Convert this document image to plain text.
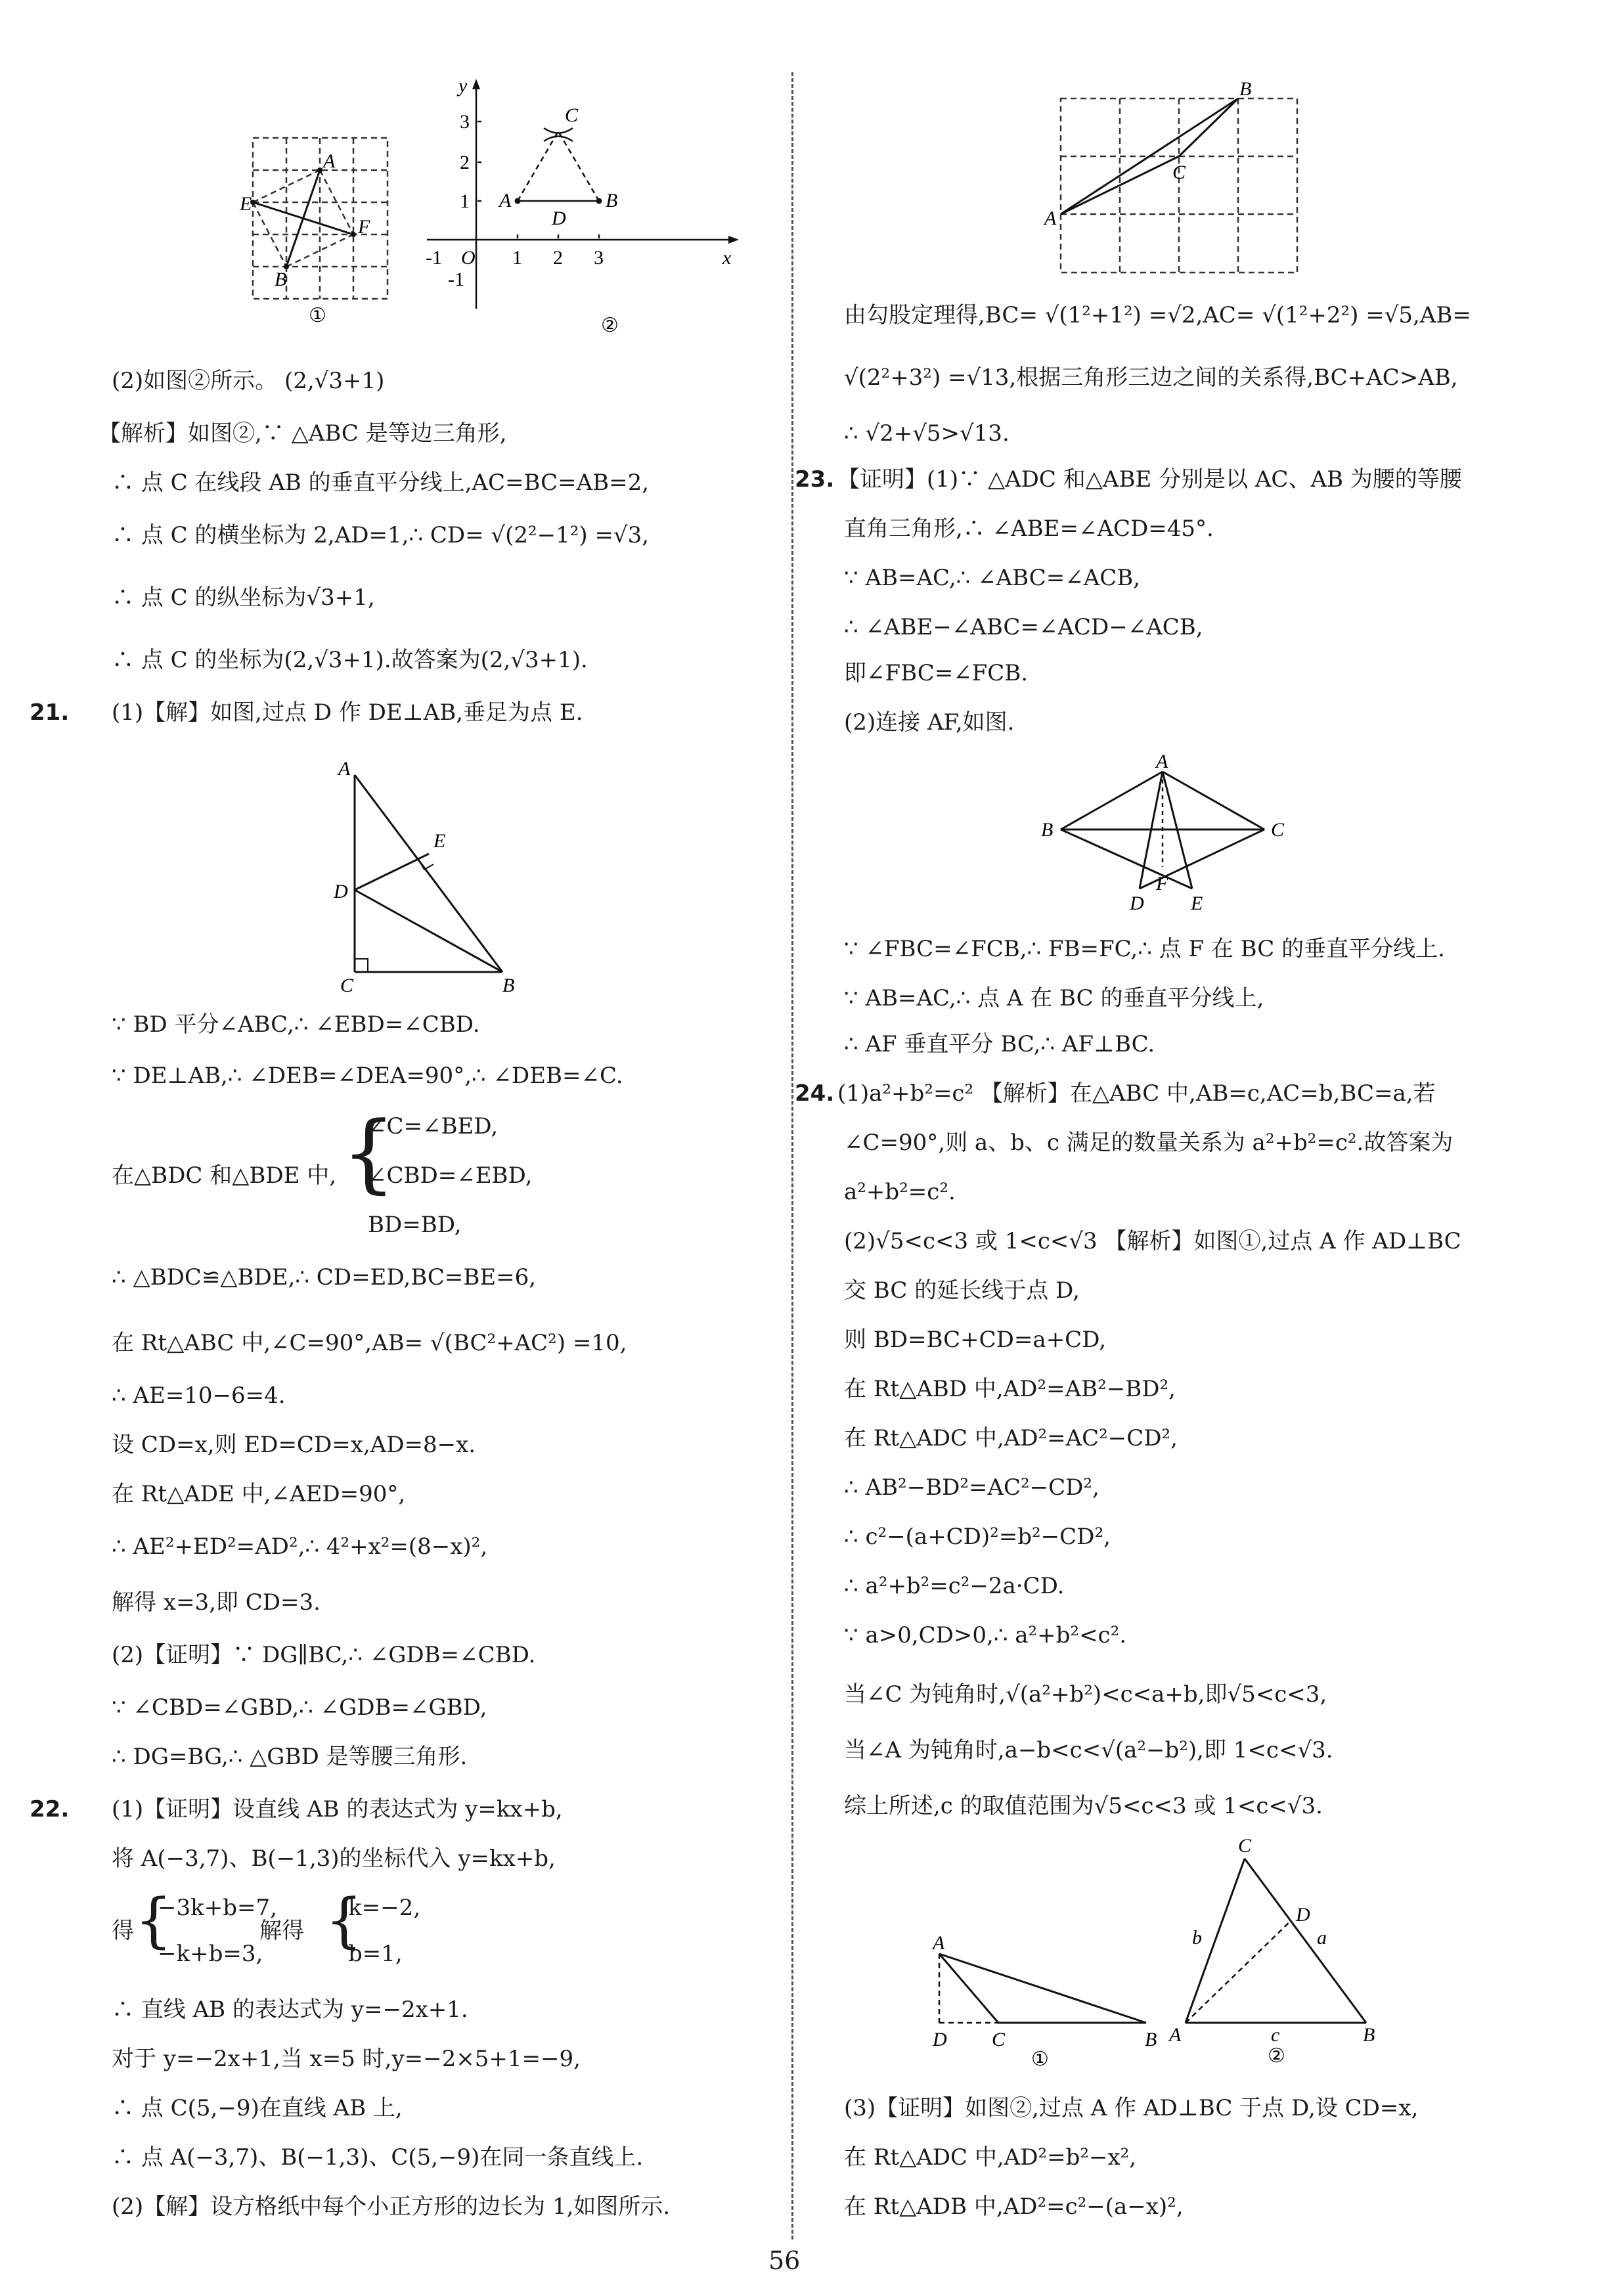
A
E
F
B
①
y
3
2
1
C
A	B
D
-1 O 1 2 3	x
-1
②
(2)如图②所示。 (2,√3+1)
【解析】如图②,∵ △ABC 是等边三角形,
∴ 点 C 在线段 AB 的垂直平分线上,AC=BC=AB=2,
∴ 点 C 的横坐标为 2,AD=1,∴ CD= √(2²−1²) =√3,
∴ 点 C 的纵坐标为√3+1,
∴ 点 C 的坐标为(2,√3+1).故答案为(2,√3+1).
21. (1)【解】如图,过点 D 作 DE⊥AB,垂足为点 E.
A
E
D
C	B
∵ BD 平分∠ABC,∴ ∠EBD=∠CBD.
∵ DE⊥AB,∴ ∠DEB=∠DEA=90°,∴ ∠DEB=∠C.
{
∠C=∠BED,
在△BDC 和△BDE 中, ∠CBD=∠EBD,
BD=BD,
∴ △BDC≌△BDE,∴ CD=ED,BC=BE=6,
在 Rt△ABC 中,∠C=90°,AB= √(BC²+AC²) =10,
∴ AE=10−6=4.
设 CD=x,则 ED=CD=x,AD=8−x.
在 Rt△ADE 中,∠AED=90°,
∴ AE²+ED²=AD²,∴ 4²+x²=(8−x)²,
解得 x=3,即 CD=3.
(2)【证明】∵ DG∥BC,∴ ∠GDB=∠CBD.
∵ ∠CBD=∠GBD,∴ ∠GDB=∠GBD,
∴ DG=BG,∴ △GBD 是等腰三角形.
22. (1)【证明】设直线 AB 的表达式为 y=kx+b,
将 A(−3,7)、B(−1,3)的坐标代入 y=kx+b,
{
−3k+b=7,
得
−k+b=3,
解得 {
k=−2,
b=1,
∴ 直线 AB 的表达式为 y=−2x+1.
对于 y=−2x+1,当 x=5 时,y=−2×5+1=−9,
∴ 点 C(5,−9)在直线 AB 上,
∴ 点 A(−3,7)、B(−1,3)、C(5,−9)在同一条直线上.
(2)【解】设方格纸中每个小正方形的边长为 1,如图所示.
B
C
A
由勾股定理得,BC= √(1²+1²) =√2,AC= √(1²+2²) =√5,AB=
√(2²+3²) =√13,根据三角形三边之间的关系得,BC+AC>AB,
∴ √2+√5>√13.
23. 【证明】(1)∵ △ADC 和△ABE 分别是以 AC、AB 为腰的等腰
直角三角形,∴ ∠ABE=∠ACD=45°.
∵ AB=AC,∴ ∠ABC=∠ACB,
∴ ∠ABE−∠ABC=∠ACD−∠ACB,
即∠FBC=∠FCB.
(2)连接 AF,如图.
A
B	C
D
F
E
∵ ∠FBC=∠FCB,∴ FB=FC,∴ 点 F 在 BC 的垂直平分线上.
∵ AB=AC,∴ 点 A 在 BC 的垂直平分线上,
∴ AF 垂直平分 BC,∴ AF⊥BC.
24. (1)a²+b²=c² 【解析】在△ABC 中,AB=c,AC=b,BC=a,若
∠C=90°,则 a、b、c 满足的数量关系为 a²+b²=c².故答案为
a²+b²=c².
(2)√5<c<3 或 1<c<√3 【解析】如图①,过点 A 作 AD⊥BC
交 BC 的延长线于点 D,
则 BD=BC+CD=a+CD,
在 Rt△ABD 中,AD²=AB²−BD²,
在 Rt△ADC 中,AD²=AC²−CD²,
∴ AB²−BD²=AC²−CD²,
∴ c²−(a+CD)²=b²−CD²,
∴ a²+b²=c²−2a·CD.
∵ a>0,CD>0,∴ a²+b²<c².
当∠C 为钝角时,√(a²+b²)<c<a+b,即√5<c<3,
当∠A 为钝角时,a−b<c<√(a²−b²),即 1<c<√3.
综上所述,c 的取值范围为√5<c<3 或 1<c<√3.
A
D C	B
①
C
D
b	a
A	c	B
②
(3)【证明】如图②,过点 A 作 AD⊥BC 于点 D,设 CD=x,
在 Rt△ADC 中,AD²=b²−x²,
在 Rt△ADB 中,AD²=c²−(a−x)²,
56
